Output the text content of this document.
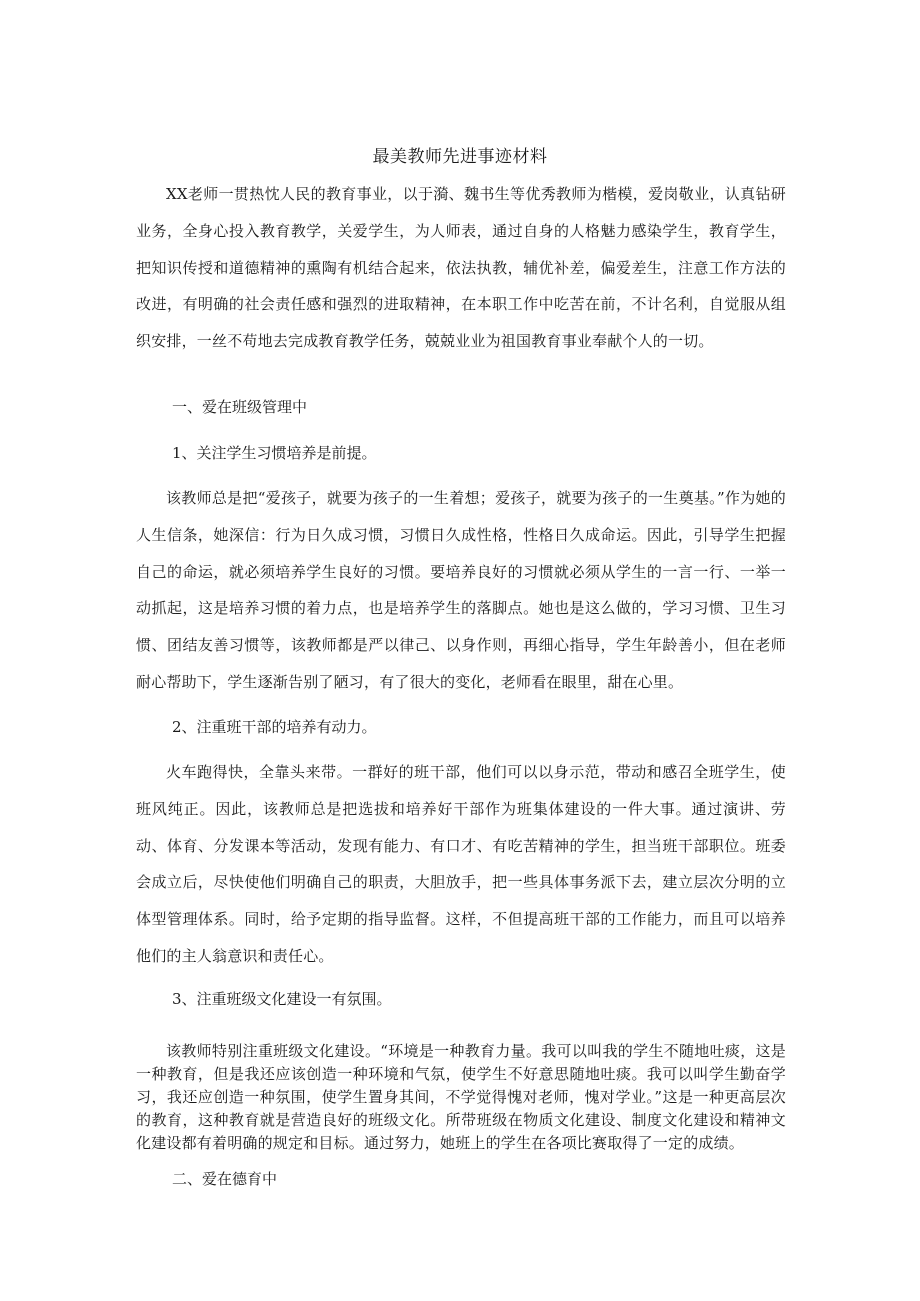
最美教师先进事迹材料

XX老师一贯热忱人民的教育事业，以于漪、魏书生等优秀教师为楷模，爱岗敬业，认真钻研业务，全身心投入教育教学，关爱学生，为人师表，通过自身的人格魅力感染学生，教育学生，把知识传授和道德精神的熏陶有机结合起来，依法执教，辅优补差，偏爱差生，注意工作方法的改进，有明确的社会责任感和强烈的进取精神，在本职工作中吃苦在前，不计名利，自觉服从组织安排，一丝不苟地去完成教育教学任务，兢兢业业为祖国教育事业奉献个人的一切。

一、爱在班级管理中
1、关注学生习惯培养是前提。

该教师总是把“爱孩子，就要为孩子的一生着想；爱孩子，就要为孩子的一生奠基。”作为她的人生信条，她深信：行为日久成习惯，习惯日久成性格，性格日久成命运。因此，引导学生把握自己的命运，就必须培养学生良好的习惯。要培养良好的习惯就必须从学生的一言一行、一举一动抓起，这是培养习惯的着力点，也是培养学生的落脚点。她也是这么做的，学习习惯、卫生习惯、团结友善习惯等，该教师都是严以律己、以身作则，再细心指导，学生年龄善小，但在老师耐心帮助下，学生逐渐告别了陋习，有了很大的变化，老师看在眼里，甜在心里。

2、注重班干部的培养有动力。

火车跑得快，全靠头来带。一群好的班干部，他们可以以身示范，带动和感召全班学生，使班风纯正。因此，该教师总是把选拔和培养好干部作为班集体建设的一件大事。通过演讲、劳动、体育、分发课本等活动，发现有能力、有口才、有吃苦精神的学生，担当班干部职位。班委会成立后，尽快使他们明确自己的职责，大胆放手，把一些具体事务派下去，建立层次分明的立体型管理体系。同时，给予定期的指导监督。这样，不但提高班干部的工作能力，而且可以培养他们的主人翁意识和责任心。

3、注重班级文化建设一有氛围。

该教师特别注重班级文化建设。“环境是一种教育力量。我可以叫我的学生不随地吐痰，这是一种教育，但是我还应该创造一种环境和气氛，使学生不好意思随地吐痰。我可以叫学生勤奋学习，我还应创造一种氛围，使学生置身其间，不学觉得愧对老师，愧对学业。”这是一种更高层次的教育，这种教育就是营造良好的班级文化。所带班级在物质文化建设、制度文化建设和精神文化建设都有着明确的规定和目标。通过努力，她班上的学生在各项比赛取得了一定的成绩。

二、爱在德育中
